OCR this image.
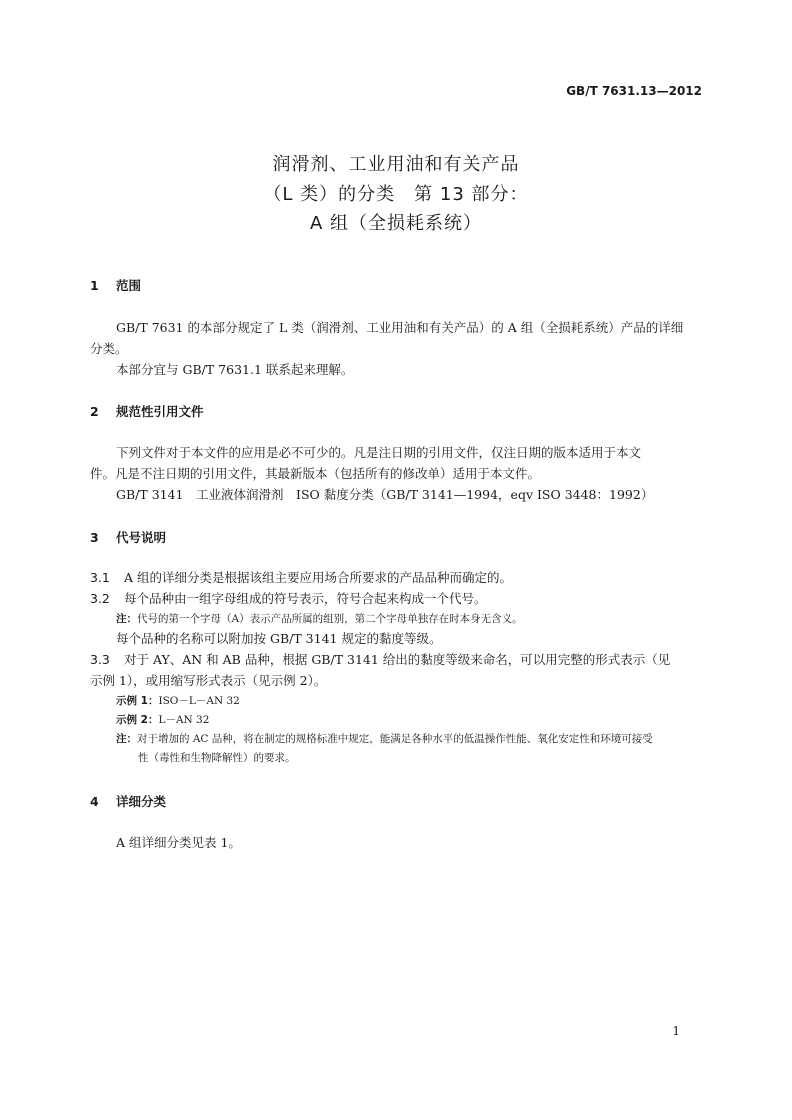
GB/T 7631.13—2012
润滑剂、工业用油和有关产品
（L 类）的分类　第 13 部分：
A 组（全损耗系统）
1 范围
GB/T 7631 的本部分规定了 L 类（润滑剂、工业用油和有关产品）的 A 组（全损耗系统）产品的详细
分类。
本部分宜与 GB/T 7631.1 联系起来理解。
2 规范性引用文件
下列文件对于本文件的应用是必不可少的。凡是注日期的引用文件，仅注日期的版本适用于本文
件。凡是不注日期的引用文件，其最新版本（包括所有的修改单）适用于本文件。
GB/T 3141　工业液体润滑剂　ISO 黏度分类（GB/T 3141—1994，eqv ISO 3448：1992）
3 代号说明
3.1 A 组的详细分类是根据该组主要应用场合所要求的产品品种而确定的。
3.2 每个品种由一组字母组成的符号表示，符号合起来构成一个代号。
注：代号的第一个字母（A）表示产品所属的组别，第二个字母单独存在时本身无含义。
每个品种的名称可以附加按 GB/T 3141 规定的黏度等级。
3.3 对于 AY、AN 和 AB 品种，根据 GB/T 3141 给出的黏度等级来命名，可以用完整的形式表示（见
示例 1），或用缩写形式表示（见示例 2）。
示例 1：ISO－L－AN 32
示例 2：L－AN 32
注：对于增加的 AC 品种，将在制定的规格标准中规定，能满足各种水平的低温操作性能、氧化安定性和环境可接受
性（毒性和生物降解性）的要求。
4 详细分类
A 组详细分类见表 1。
1
